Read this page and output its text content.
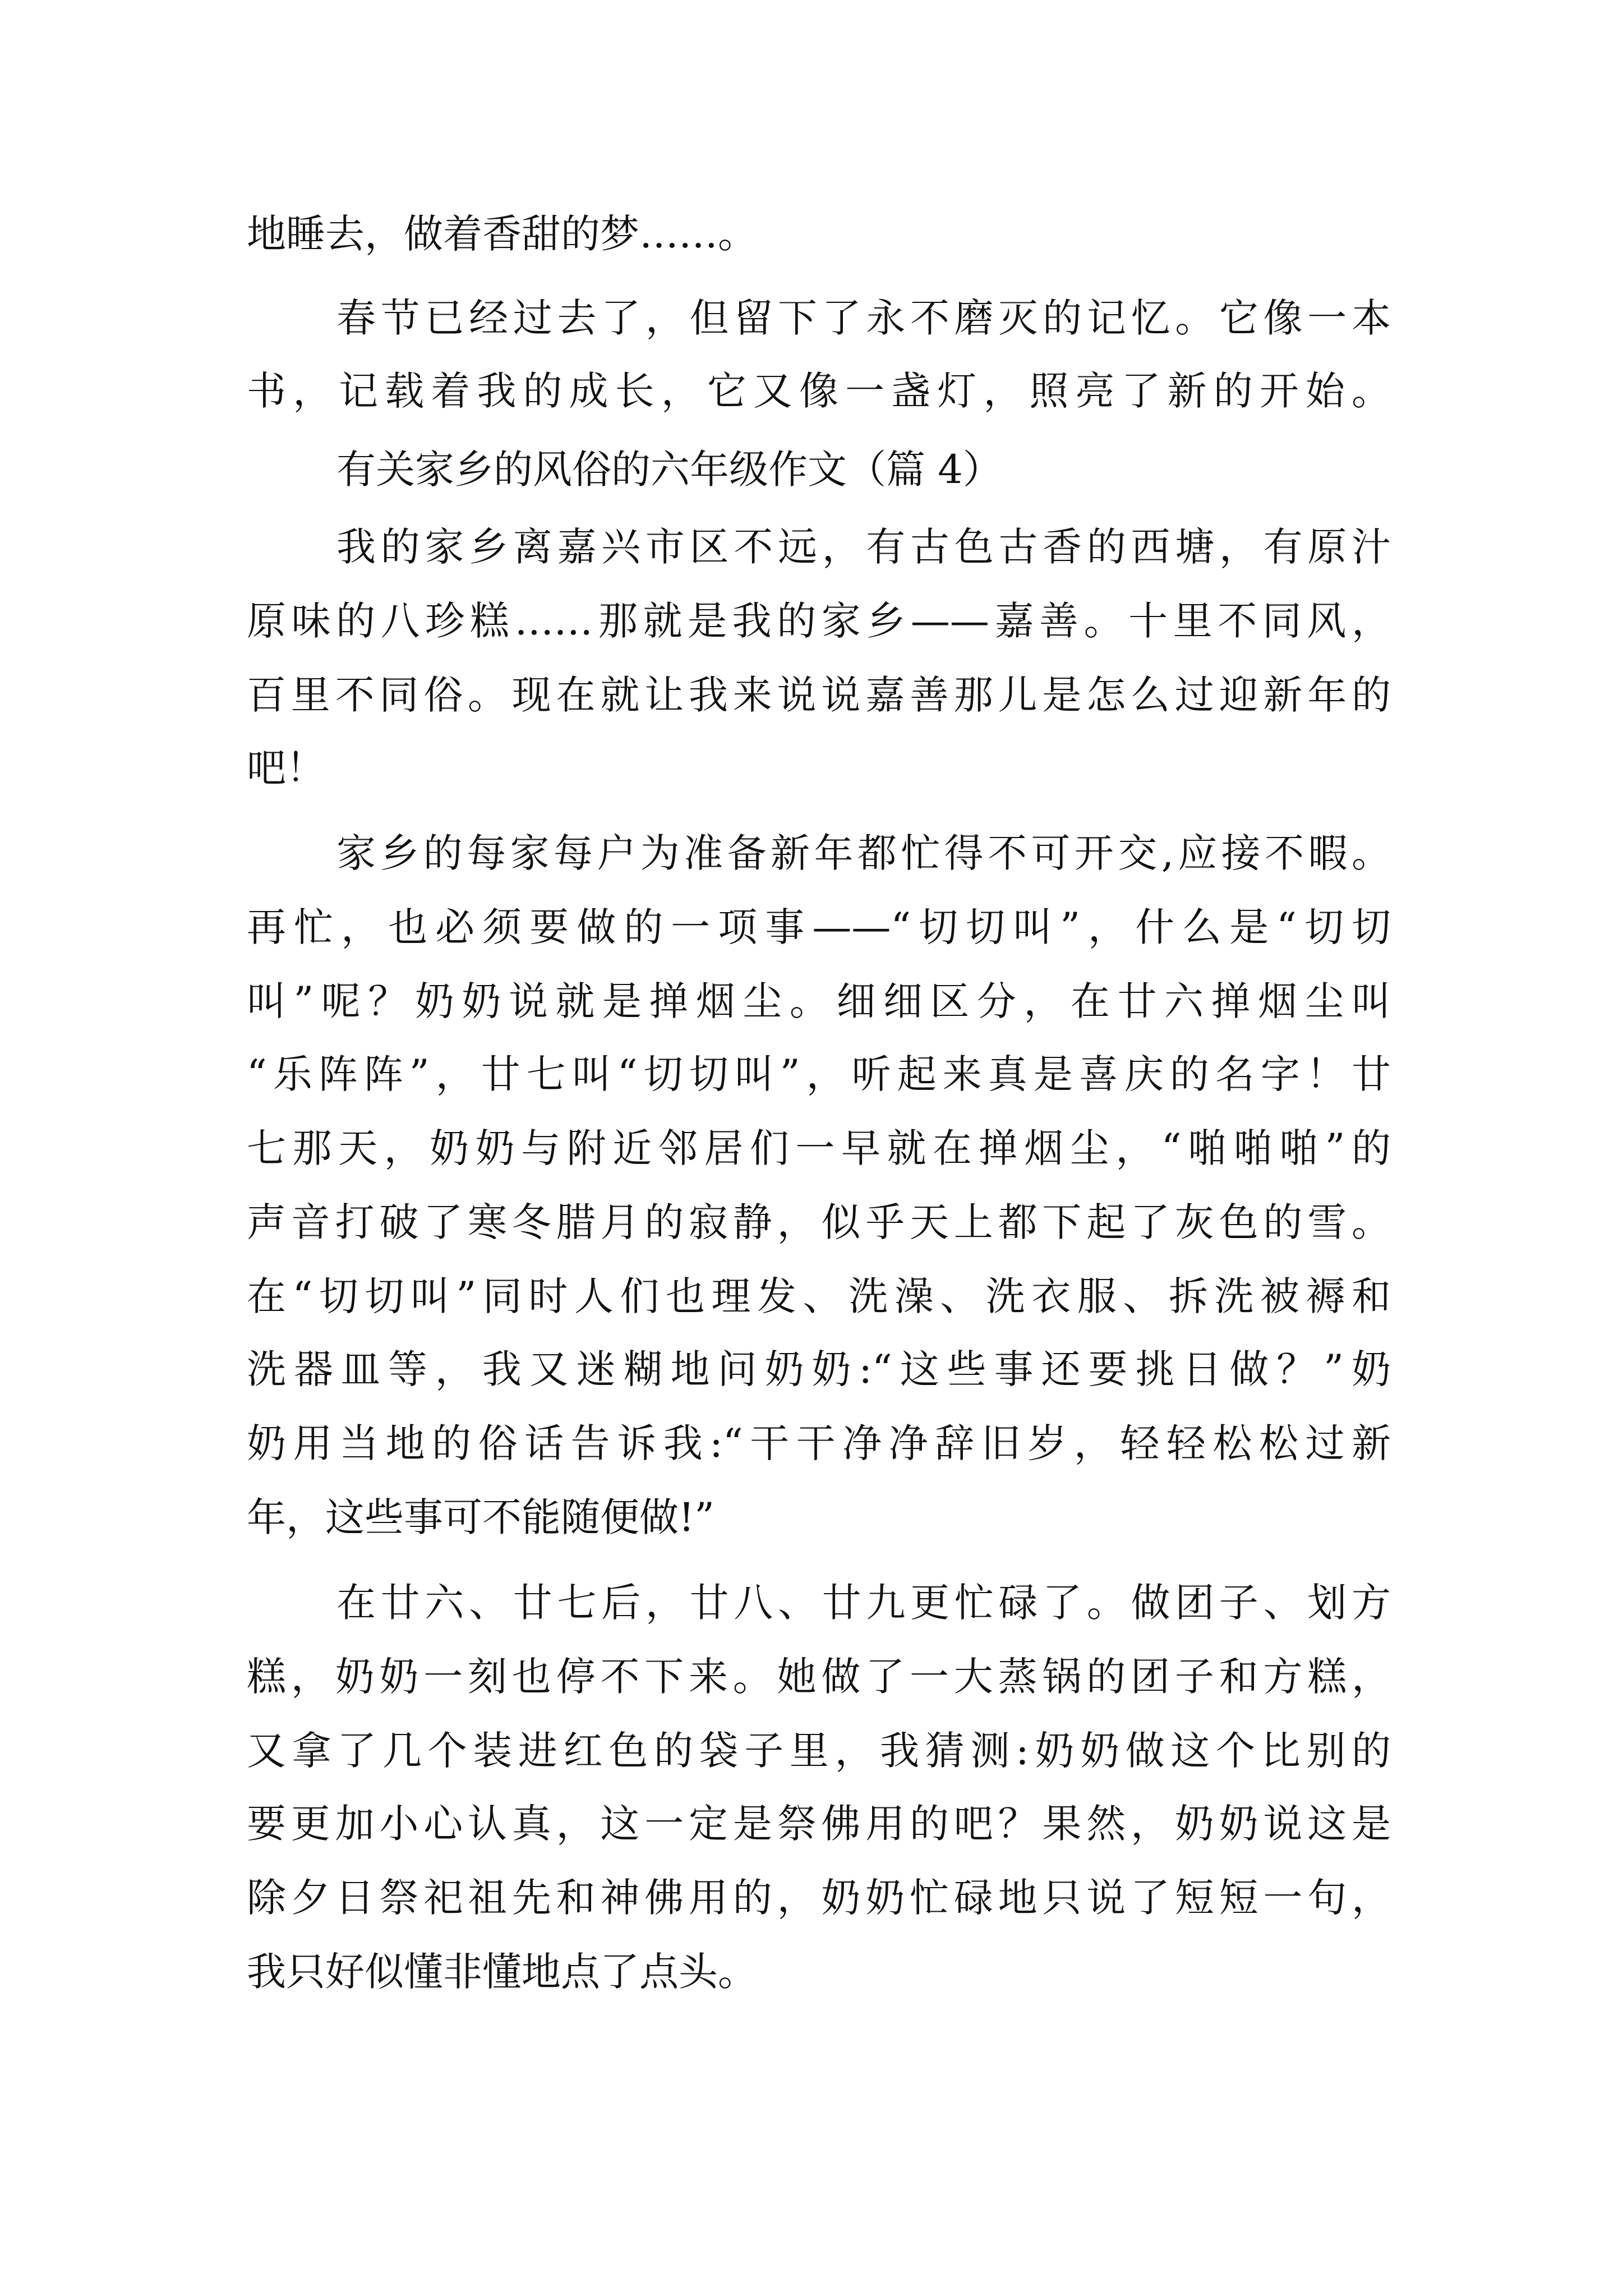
地睡去，做着香甜的梦……。
春节已经过去了，但留下了永不磨灭的记忆。它像一本
书，记载着我的成长，它又像一盏灯，照亮了新的开始。
有关家乡的风俗的六年级作文（篇 4）
我的家乡离嘉兴市区不远，有古色古香的西塘，有原汁
原味的八珍糕……那就是我的家乡——嘉善。十里不同风，
百里不同俗。现在就让我来说说嘉善那儿是怎么过迎新年的
吧！
家乡的每家每户为准备新年都忙得不可开交,应接不暇。
再忙，也必须要做的一项事——“切切叫”，什么是“切切
叫”呢？奶奶说就是掸烟尘。细细区分，在廿六掸烟尘叫
“乐阵阵”，廿七叫“切切叫”，听起来真是喜庆的名字！廿
七那天，奶奶与附近邻居们一早就在掸烟尘，“啪啪啪”的
声音打破了寒冬腊月的寂静，似乎天上都下起了灰色的雪。
在“切切叫”同时人们也理发、洗澡、洗衣服、拆洗被褥和
洗器皿等，我又迷糊地问奶奶:“这些事还要挑日做？”奶
奶用当地的俗话告诉我:“干干净净辞旧岁，轻轻松松过新
年，这些事可不能随便做!”
在廿六、廿七后，廿八、廿九更忙碌了。做团子、划方
糕，奶奶一刻也停不下来。她做了一大蒸锅的团子和方糕，
又拿了几个装进红色的袋子里，我猜测:奶奶做这个比别的
要更加小心认真，这一定是祭佛用的吧？果然，奶奶说这是
除夕日祭祀祖先和神佛用的，奶奶忙碌地只说了短短一句，
我只好似懂非懂地点了点头。
